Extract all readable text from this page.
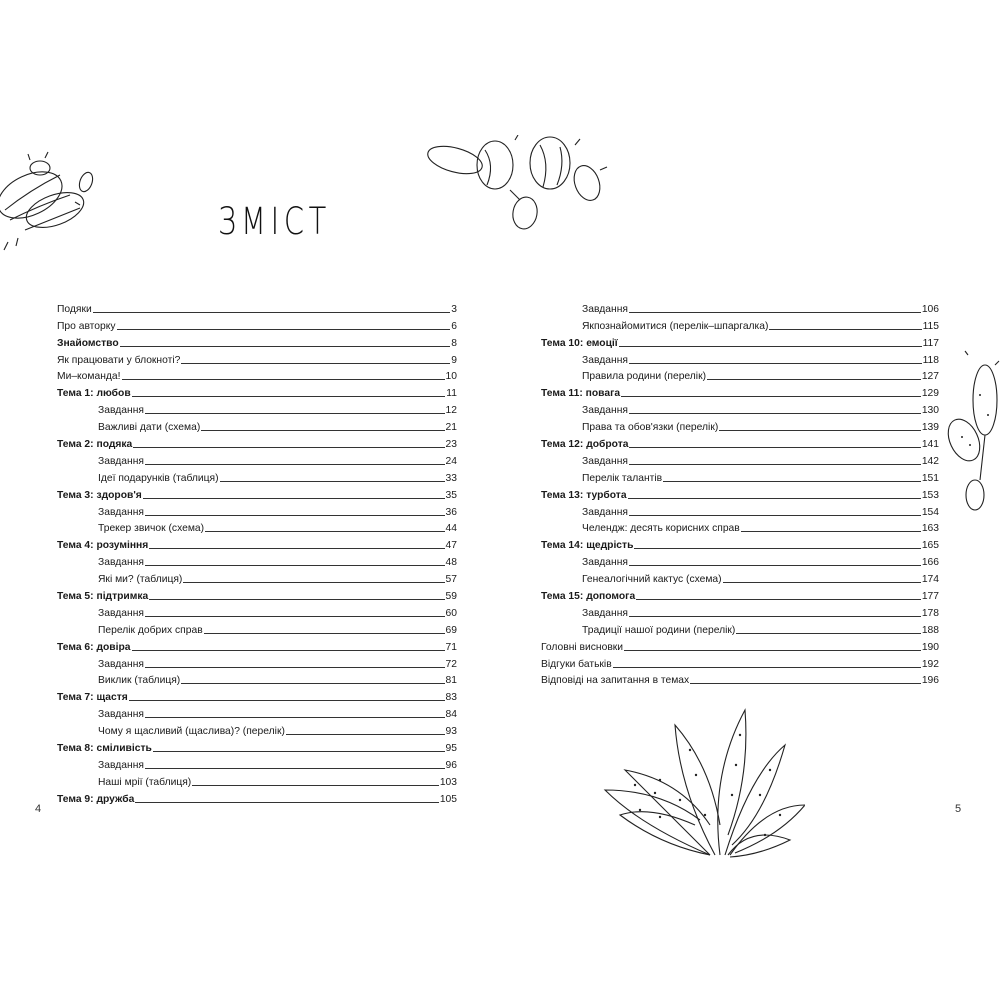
ЗМІСТ
Подяки	3
Про авторку	6
Знайомство	8
Як працювати у блокноті?	9
Ми–команда!	10
Тема 1: любов	11
Завдання	12
Важливі дати (схема)	21
Тема 2: подяка	23
Завдання	24
Ідеї подарунків (таблиця)	33
Тема 3: здоров'я	35
Завдання	36
Трекер звичок (схема)	44
Тема 4: розуміння	47
Завдання	48
Які ми? (таблиця)	57
Тема 5: підтримка	59
Завдання	60
Перелік добрих справ	69
Тема 6: довіра	71
Завдання	72
Виклик (таблиця)	81
Тема 7: щастя	83
Завдання	84
Чому я щасливий (щаслива)? (перелік)	93
Тема 8: сміливість	95
Завдання	96
Наші мрії (таблиця)	103
Тема 9: дружба	105
Завдання	106
Якпознайомитися (перелік–шпаргалка)	115
Тема 10: емоції	117
Завдання	118
Правила родини (перелік)	127
Тема 11: повага	129
Завдання	130
Права та обов'язки (перелік)	139
Тема 12: доброта	141
Завдання	142
Перелік талантів	151
Тема 13: турбота	153
Завдання	154
Челендж: десять корисних справ	163
Тема 14: щедрість	165
Завдання	166
Генеалогічний кактус (схема)	174
Тема 15: допомога	177
Завдання	178
Традиції нашої родини (перелік)	188
Головні висновки	190
Відгуки батьків	192
Відповіді на запитання в темах	196
4	5
